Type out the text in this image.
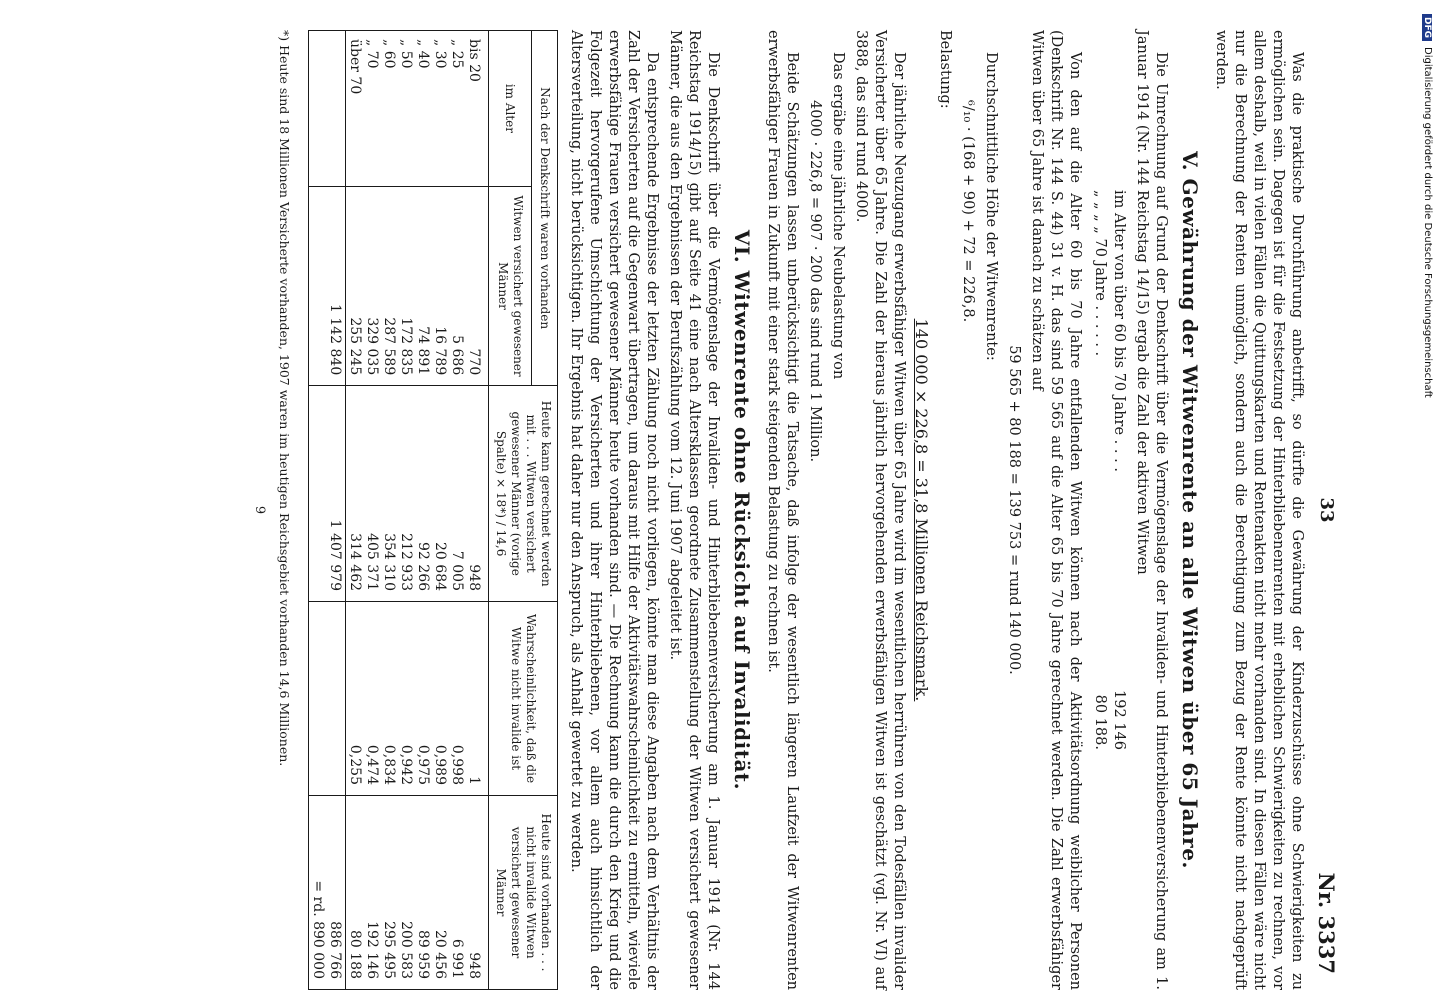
33
Nr. 3337

Was die praktische Durchführung anbetrifft, so dürfte die Gewährung der Kinderzuschüsse ohne Schwierigkeiten zu ermöglichen sein. Dagegen ist für die Festsetzung der Hinterbliebenenrenten mit erheblichen Schwierigkeiten zu rechnen, vor allem deshalb, weil in vielen Fällen die Quittungskarten und Rentenakten nicht mehr vorhanden sind. In diesen Fällen wäre nicht nur die Berechnung der Renten unmöglich, sondern auch die Berechtigung zum Bezug der Rente könnte nicht nachgeprüft werden.

V. Gewährung der Witwenrente an alle Witwen über 65 Jahre.

Die Umrechnung auf Grund der Denkschrift über die Vermögenslage der Invaliden- und Hinterbliebenenversicherung am 1. Januar 1914 (Nr. 144 Reichstag 14/15) ergab die Zahl der aktiven Witwen

im Alter von über 60 bis 70 Jahre . . . .
192 146
„ „ „ „ 70 Jahre . . . . . .
80 188.

Von den auf die Alter 60 bis 70 Jahre entfallenden Witwen können nach der Aktivitätsordnung weiblicher Personen (Denkschrift Nr. 144 S. 44) 31 v. H. das sind 59 565 auf die Alter 65 bis 70 Jahre gerechnet werden. Die Zahl erwerbsfähiger Witwen über 65 Jahre ist danach zu schätzen auf

59 565 + 80 188 = 139 753 = rund 140 000.

Durchschnittliche Höhe der Witwenrente:

⁶/₁₀ · (168 + 90) + 72 = 226,8.

Belastung:

140 000 × 226,8 = 31,8 Millionen Reichsmark.

Der jährliche Neuzugang erwerbsfähiger Witwen über 65 Jahre wird im wesentlichen herrühren von den Todesfällen invalider Versicherter über 65 Jahre. Die Zahl der hieraus jährlich hervorgehenden erwerbsfähigen Witwen ist geschätzt (vgl. Nr. VI) auf 3888, das sind rund 4000.

Das ergäbe eine jährliche Neubelastung von

4000 · 226,8 = 907 · 200 das sind rund 1 Million.

Beide Schätzungen lassen unberücksichtigt die Tatsache, daß infolge der wesentlich längeren Laufzeit der Witwenrenten erwerbsfähiger Frauen in Zukunft mit einer stark steigenden Belastung zu rechnen ist.

VI. Witwenrente ohne Rücksicht auf Invalidität.

Die Denkschrift über die Vermögenslage der Invaliden- und Hinterbliebenenversicherung am 1. Januar 1914 (Nr. 144 Reichstag 1914/15) gibt auf Seite 41 eine nach Altersklassen geordnete Zusammenstellung der Witwen versichert gewesener Männer, die aus den Ergebnissen der Berufszählung vom 12. Juni 1907 abgeleitet ist.

Da entsprechende Ergebnisse der letzten Zählung noch nicht vorliegen, könnte man diese Angaben nach dem Verhältnis der Zahl der Versicherten auf die Gegenwart übertragen, um daraus mit Hilfe der Aktivitätswahrscheinlichkeit zu ermitteln, wieviele erwerbsfähige Frauen versichert gewesener Männer heute vorhanden sind. — Die Rechnung kann die durch den Krieg und die Folgezeit hervorgerufene Umschichtung der Versicherten und ihrer Hinterbliebenen, vor allem auch hinsichtlich der Altersverteilung, nicht berücksichtigen. Ihr Ergebnis hat daher nur den Anspruch, als Anhalt gewertet zu werden.

Nach der Denkschrift waren vorhanden		Heute kann gerechnet werden mit . . . Witwen versichert gewesener Männer (vorige Spalte) × 18*) / 14,6	Wahrscheinlichkeit, daß die Witwe nicht invalide ist	Heute sind vorhanden . . . nicht invalide Witwen versichert gewesener Männer
im Alter	Witwen versichert gewesener Männer			
bis 20	770	948	1	948
„ 25	5 686	7 005	0,998	6 991
„ 30	16 789	20 684	0,989	20 456
„ 40	74 891	92 266	0,975	89 959
„ 50	172 835	212 933	0,942	200 583
„ 60	287 589	354 310	0,834	295 495
„ 70	329 035	405 371	0,474	192 146
über 70	255 245	314 462	0,255	80 188
	1 142 840	1 407 979		886 766
				= rd. 890 000

*) Heute sind 18 Millionen Versicherte vorhanden, 1907 waren im heutigen Reichsgebiet vorhanden 14,6 Millionen.

9

DFGDigitalisierung gefördert durch die Deutsche Forschungsgemeinschaft
